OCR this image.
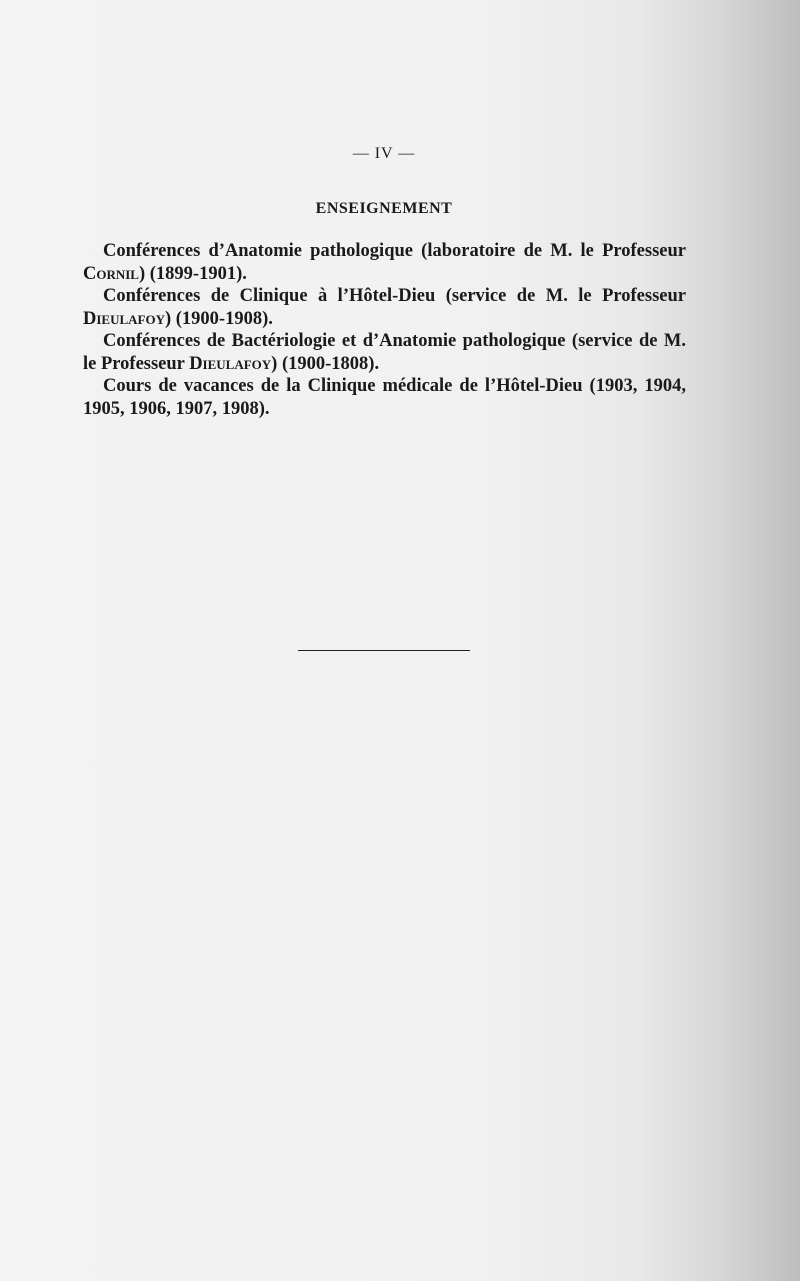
— IV —
ENSEIGNEMENT

Conférences d’Anatomie pathologique (laboratoire de M. le Professeur Cornil) (1899-1901).

Conférences de Clinique à l’Hôtel-Dieu (service de M. le Professeur Dieulafoy) (1900-1908).

Conférences de Bactériologie et d’Anatomie pathologique (service de M. le Professeur Dieulafoy) (1900-1808).

Cours de vacances de la Clinique médicale de l’Hôtel-Dieu (1903, 1904, 1905, 1906, 1907, 1908).
